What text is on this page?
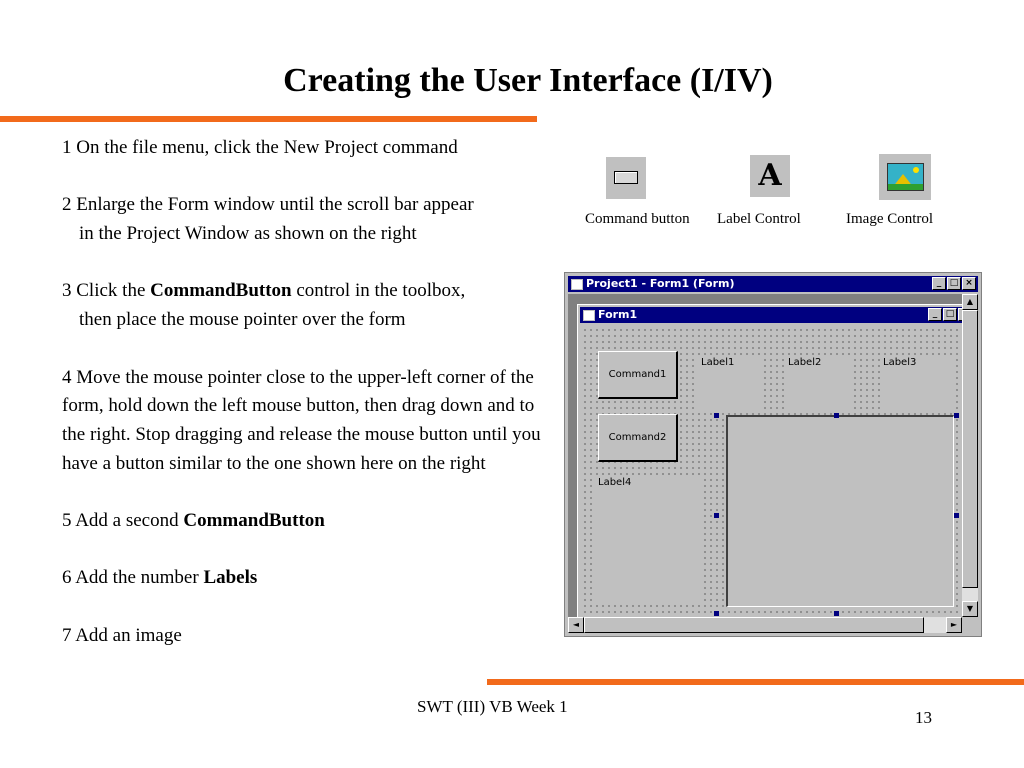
Creating the User Interface (I/IV)

1 On the file menu, click the New Project command

2 Enlarge the Form window until the scroll bar appear
in the Project Window as shown on the right

3 Click the CommandButton control in the toolbox,
then place the mouse pointer over the form

4 Move the mouse pointer close to the upper-left corner of the form, hold down the left mouse button, then drag down and to the right. Stop dragging and release the mouse button until you have a button similar to the one shown here on the right

5 Add a second CommandButton

6 Add the number Labels

7 Add an image

A
Command button Label Control	Image Control
Project1 - Form1 (Form)	_ □ ×
Form1	_ □
Command1
Command2
Label1	Label2	Label3
Label4
▲
▼
◄	►
SWT (III) VB Week 1
13
